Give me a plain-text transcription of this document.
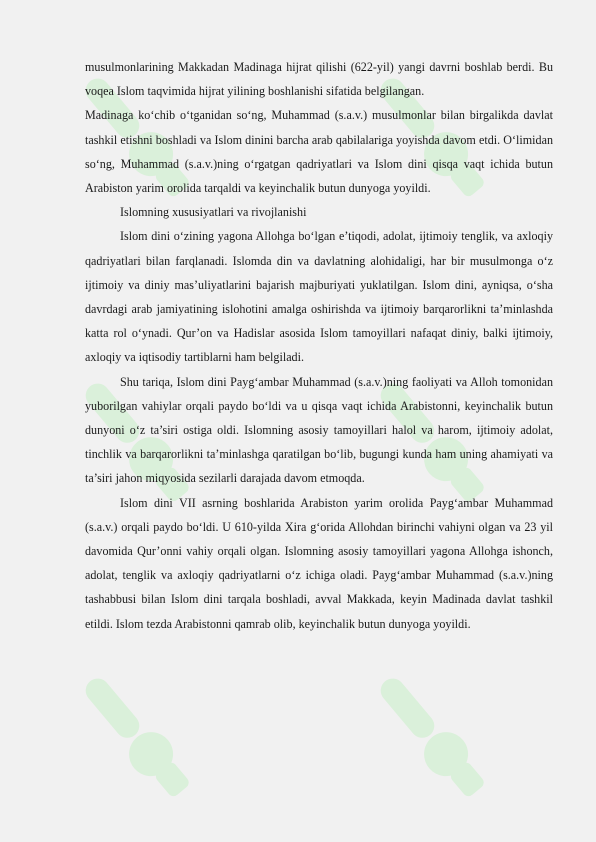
musulmonlarining Makkadan Madinaga hijrat qilishi (622-yil) yangi davrni boshlab berdi. Bu voqea Islom taqvimida hijrat yilining boshlanishi sifatida belgilangan.

Madinaga ko‘chib o‘tganidan so‘ng, Muhammad (s.a.v.) musulmonlar bilan birgalikda davlat tashkil etishni boshladi va Islom dinini barcha arab qabilalariga yoyishda davom etdi. O‘limidan so‘ng, Muhammad (s.a.v.)ning o‘rgatgan qadriyatlari va Islom dini qisqa vaqt ichida butun Arabiston yarim orolida tarqaldi va keyinchalik butun dunyoga yoyildi.

Islomning xususiyatlari va rivojlanishi

Islom dini o‘zining yagona Allohga bo‘lgan e’tiqodi, adolat, ijtimoiy tenglik, va axloqiy qadriyatlari bilan farqlanadi. Islomda din va davlatning alohidaligi, har bir musulmonga o‘z ijtimoiy va diniy mas’uliyatlarini bajarish majburiyati yuklatilgan. Islom dini, ayniqsa, o‘sha davrdagi arab jamiyatining islohotini amalga oshirishda va ijtimoiy barqarorlikni ta’minlashda katta rol o‘ynadi. Qur’on va Hadislar asosida Islom tamoyillari nafaqat diniy, balki ijtimoiy, axloqiy va iqtisodiy tartiblarni ham belgiladi.

Shu tariqa, Islom dini Payg‘ambar Muhammad (s.a.v.)ning faoliyati va Alloh tomonidan yuborilgan vahiylar orqali paydo bo‘ldi va u qisqa vaqt ichida Arabistonni, keyinchalik butun dunyoni o‘z ta’siri ostiga oldi. Islomning asosiy tamoyillari halol va harom, ijtimoiy adolat, tinchlik va barqarorlikni ta’minlashga qaratilgan bo‘lib, bugungi kunda ham uning ahamiyati va ta’siri jahon miqyosida sezilarli darajada davom etmoqda.

Islom dini VII asrning boshlarida Arabiston yarim orolida Payg‘ambar Muhammad (s.a.v.) orqali paydo bo‘ldi. U 610-yilda Xira g‘orida Allohdan birinchi vahiyni olgan va 23 yil davomida Qur’onni vahiy orqali olgan. Islomning asosiy tamoyillari yagona Allohga ishonch, adolat, tenglik va axloqiy qadriyatlarni o‘z ichiga oladi. Payg‘ambar Muhammad (s.a.v.)ning tashabbusi bilan Islom dini tarqala boshladi, avval Makkada, keyin Madinada davlat tashkil etildi. Islom tezda Arabistonni qamrab olib, keyinchalik butun dunyoga yoyildi.
